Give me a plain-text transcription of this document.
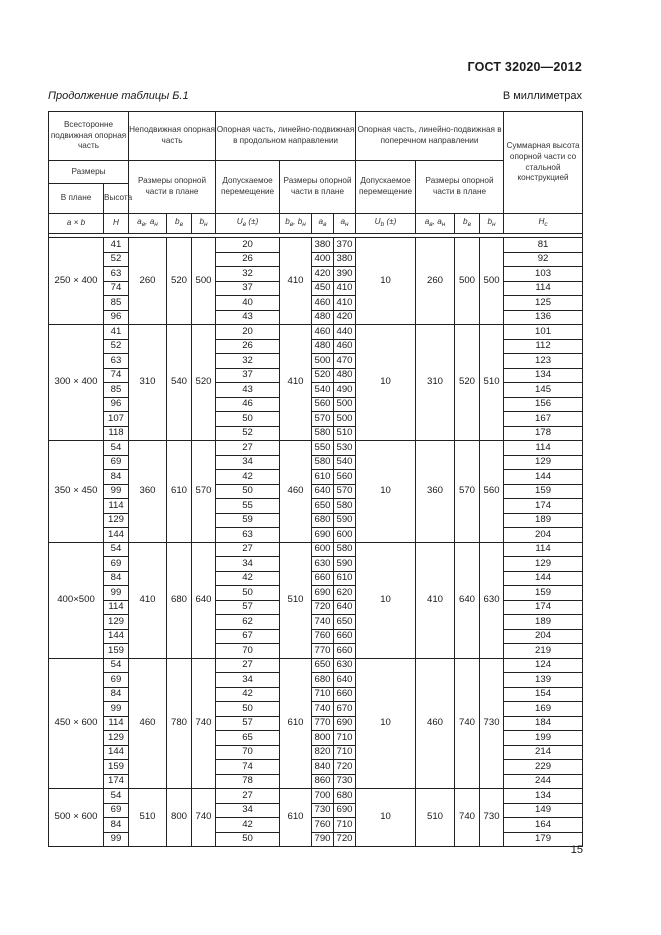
ГОСТ 32020—2012
Продолжение таблицы Б.1	В миллиметрах
Всесторонне подвижная опорная часть		Неподвижная опорная часть			Опорная часть, линейно-подвижная в продольном направлении				Опорная часть, линейно-подвижная в поперечном направлении				Суммарная высота опорной части со стальной конструкцией
Размеры		Размеры опорной части в плане			Допускаемое перемещение	Размеры опорной части в плане			Допускаемое перемещение	Размеры опорной части в плане			
В плане	Высота												
a × b	H	$a_в$, $a_н$	$b_в$	$b_н$	$U_в$ (±)	$b_в$, $b_н$	$a_в$	$a_н$	$U_b$ (±)	$a_в$, $a_н$	$b_в$	$b_н$	$H_c$

250 × 400	41	260	520	500	20	410	380	370	10	260	500	500	81
	52				26		400	380					92
	63				32		420	390					103
	74				37		450	410					114
	85				40		460	410					125
	96				43		480	420					136
300 × 400	41	310	540	520	20	410	460	440	10	310	520	510	101
	52				26		480	460					112
	63				32		500	470					123
	74				37		520	480					134
	85				43		540	490					145
	96				46		560	500					156
	107				50		570	500					167
	118				52		580	510					178
350 × 450	54	360	610	570	27	460	550	530	10	360	570	560	114
	69				34		580	540					129
	84				42		610	560					144
	99				50		640	570					159
	114				55		650	580					174
	129				59		680	590					189
	144				63		690	600					204
400×500	54	410	680	640	27	510	600	580	10	410	640	630	114
	69				34		630	590					129
	84				42		660	610					144
	99				50		690	620					159
	114				57		720	640					174
	129				62		740	650					189
	144				67		760	660					204
	159				70		770	660					219
450 × 600	54	460	780	740	27	610	650	630	10	460	740	730	124
	69				34		680	640					139
	84				42		710	660					154
	99				50		740	670					169
	114				57		770	690					184
	129				65		800	710					199
	144				70		820	710					214
	159				74		840	720					229
	174				78		860	730					244
500 × 600	54	510	800	740	27	610	700	680	10	510	740	730	134
	69				34		730	690					149
	84				42		760	710					164
	99				50		790	720					179
15
